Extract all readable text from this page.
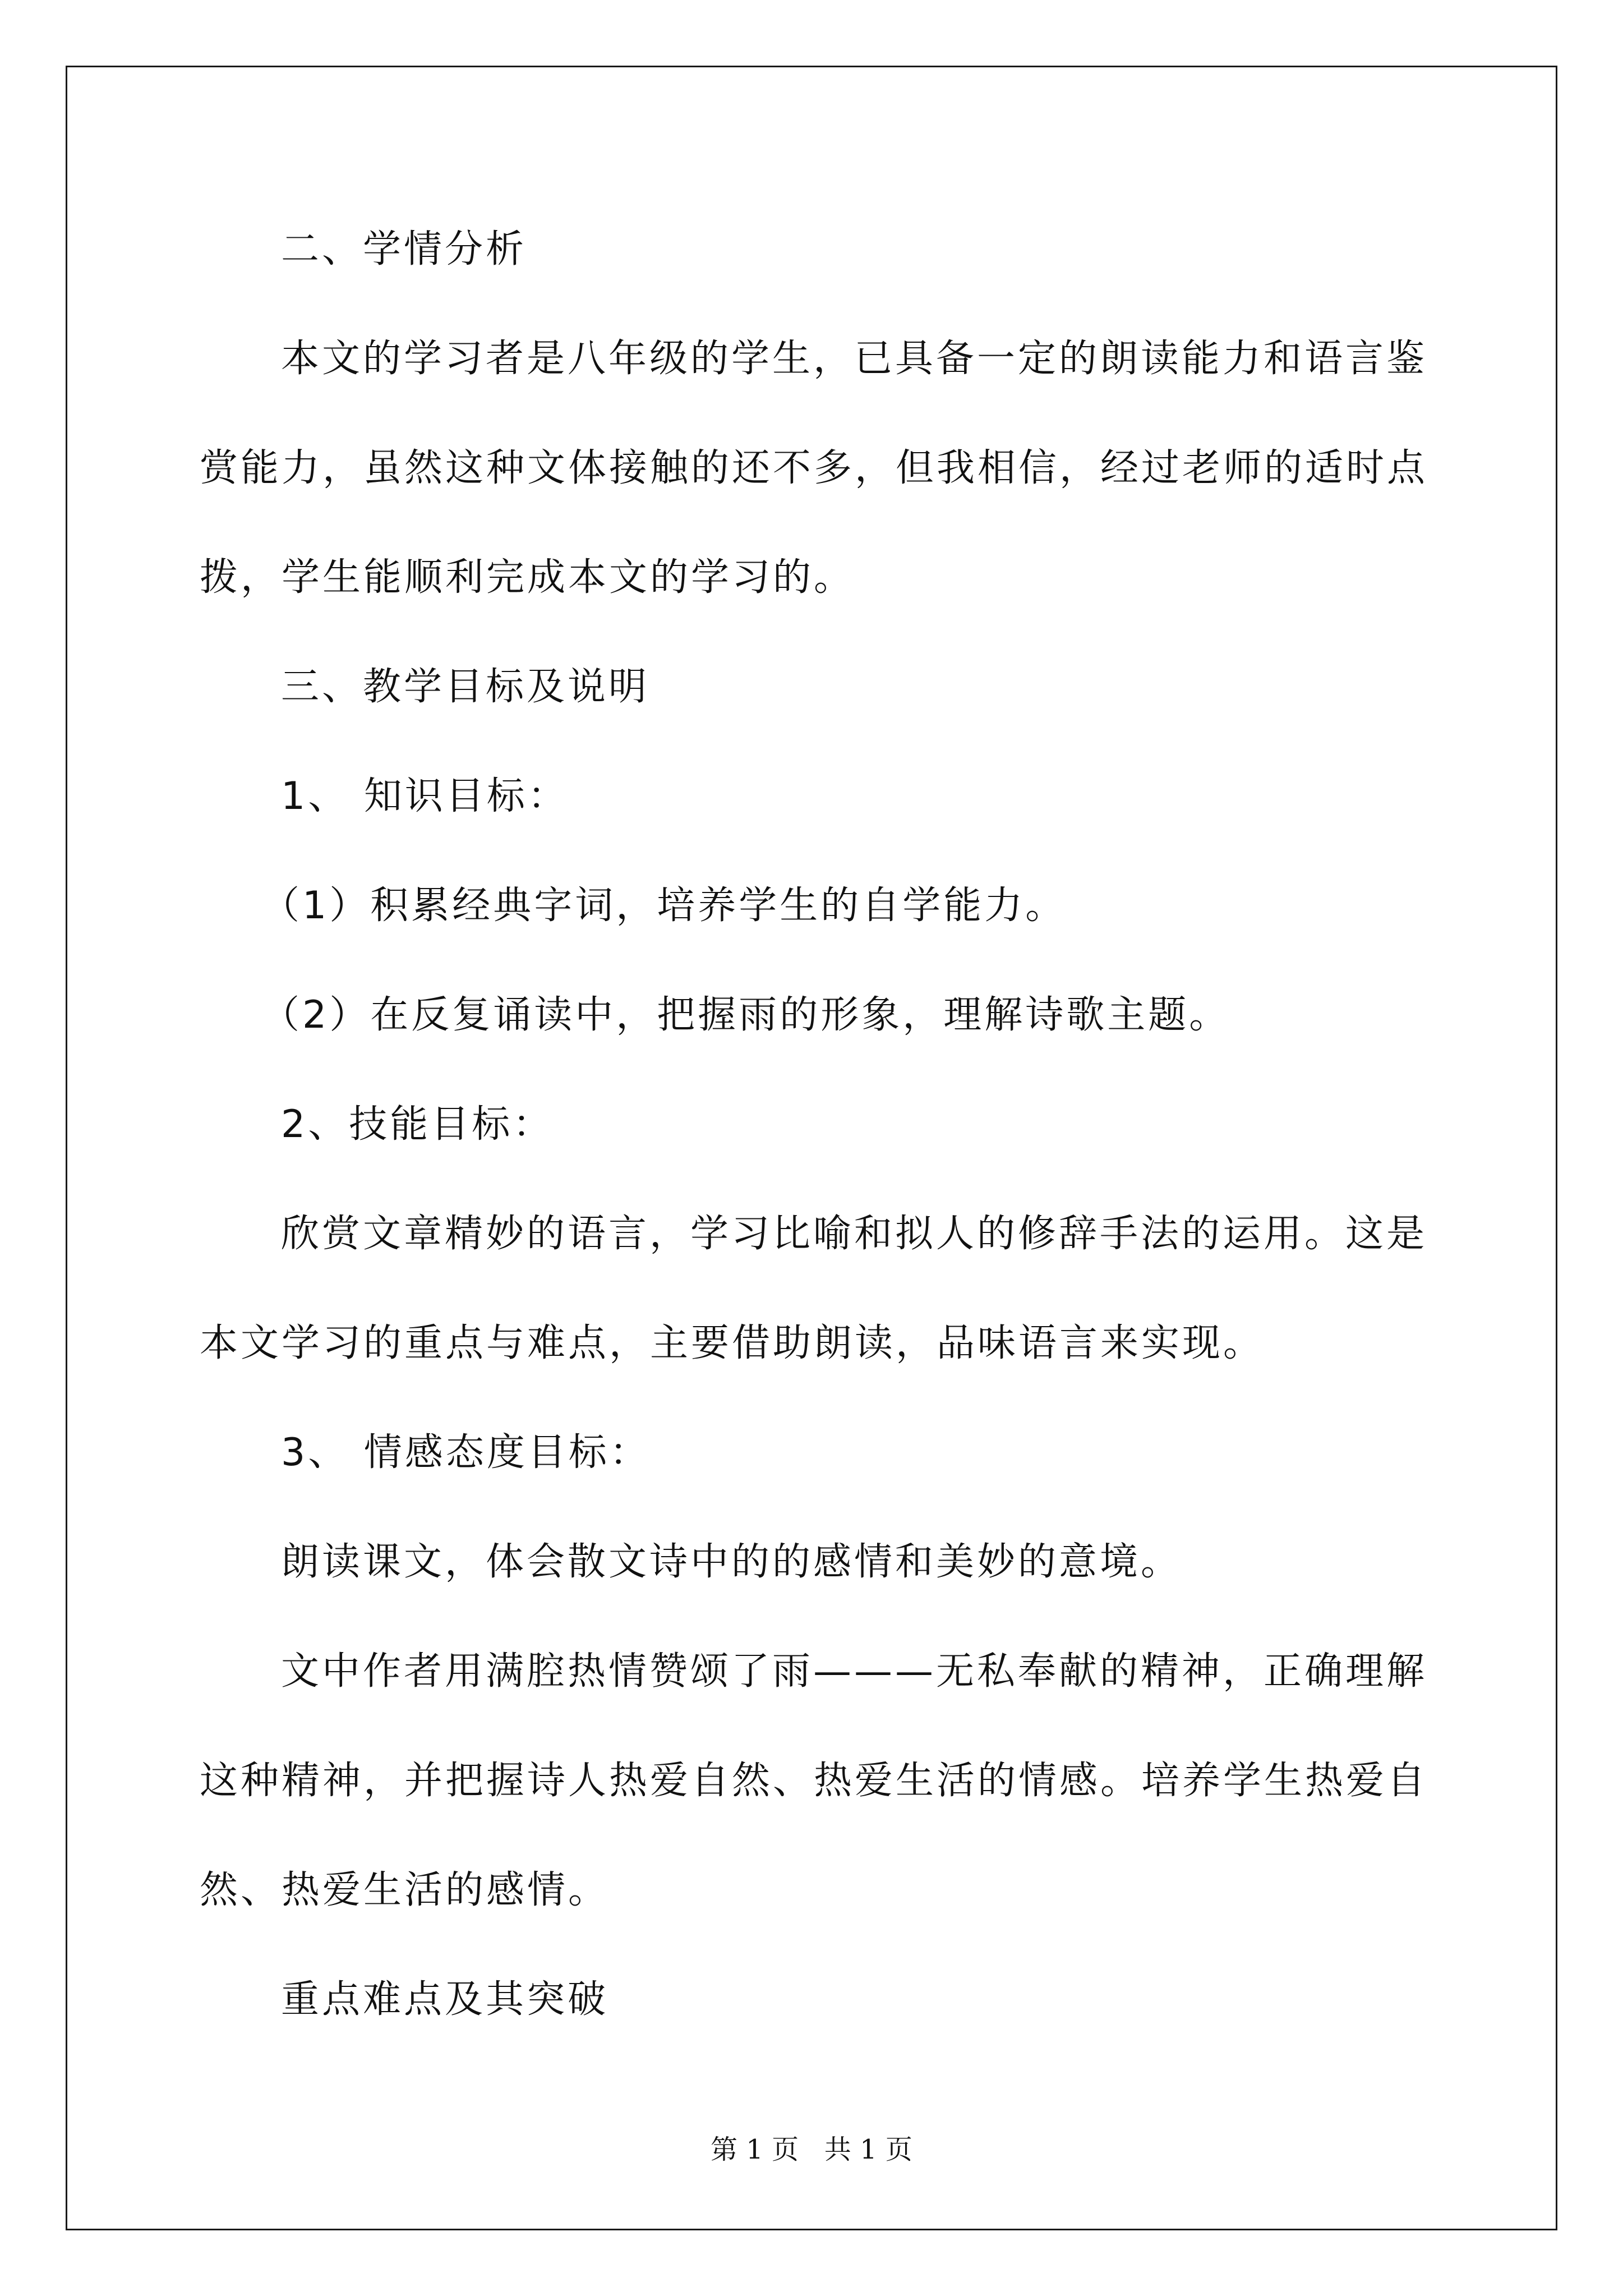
二、学情分析
本文的学习者是八年级的学生，已具备一定的朗读能力和语言鉴
赏能力，虽然这种文体接触的还不多，但我相信，经过老师的适时点
拨，学生能顺利完成本文的学习的。
三、教学目标及说明
1、 知识目标：
（1）积累经典字词，培养学生的自学能力。
（2）在反复诵读中，把握雨的形象，理解诗歌主题。
2、技能目标：
欣赏文章精妙的语言，学习比喻和拟人的修辞手法的运用。这是
本文学习的重点与难点，主要借助朗读，品味语言来实现。
3、 情感态度目标：
朗读课文，体会散文诗中的的感情和美妙的意境。
文中作者用满腔热情赞颂了雨———无私奉献的精神，正确理解
这种精神，并把握诗人热爱自然、热爱生活的情感。培养学生热爱自
然、热爱生活的感情。
重点难点及其突破
第 1 页   共 1 页
